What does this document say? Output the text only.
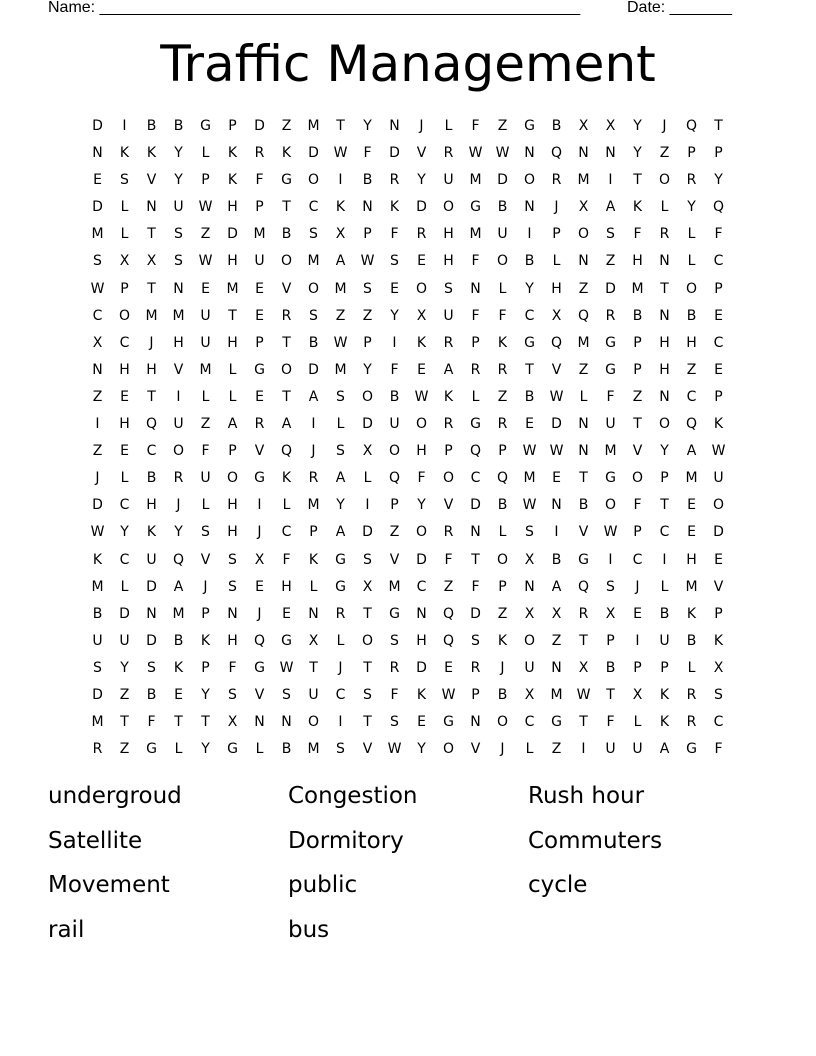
Name: ______________________________________________________	Date: _______
Traffic Management
D	I	B	B	G	P	D	Z	M	T	Y	N	J	L	F	Z	G	B	X	X	Y	J	Q	T
N	K	K	Y	L	K	R	K	D	W	F	D	V	R	W W	N	Q	N	N	Y	Z	P	P
E	S	V	Y	P	K	F	G	O	I	B	R	Y	U	M	D	O	R	M	I	T	O	R	Y
D	L	N	U	W	H	P	T	C	K	N	K	D	O	G	B	N	J	X	A	K	L	Y	Q
M	L	T	S	Z	D	M	B	S	X	P	F	R	H	M	U	I	P	O	S	F	R	L	F
S	X	X	S	W	H	U	O	M	A	W	S	E	H	F	O	B	L	N	Z	H	N	L	C
W	P	T	N	E	M	E	V	O	M	S	E	O	S	N	L	Y	H	Z	D	M	T	O	P
C	O	M	M	U	T	E	R	S	Z	Z	Y	X	U	F	F	C	X	Q	R	B	N	B	E
X	C	J	H	U	H	P	T	B	W	P	I	K	R	P	K	G	Q	M	G	P	H	H	C
N	H	H	V	M	L	G	O	D	M	Y	F	E	A	R	R	T	V	Z	G	P	H	Z	E
Z	E	T	I	L	L	E	T	A	S	O	B	W	K	L	Z	B	W	L	F	Z	N	C	P
I	H	Q	U	Z	A	R	A	I	L	D	U	O	R	G	R	E	D	N	U	T	O	Q	K
Z	E	C	O	F	P	V	Q	J	S	X	O	H	P	Q	P	W W	N	M	V	Y	A	W
J	L	B	R	U	O	G	K	R	A	L	Q	F	O	C	Q	M	E	T	G	O	P	M	U
D	C	H	J	L	H	I	L	M	Y	I	P	Y	V	D	B	W	N	B	O	F	T	E	O
W	Y	K	Y	S	H	J	C	P	A	D	Z	O	R	N	L	S	I	V	W	P	C	E	D
K	C	U	Q	V	S	X	F	K	G	S	V	D	F	T	O	X	B	G	I	C	I	H	E
M	L	D	A	J	S	E	H	L	G	X	M	C	Z	F	P	N	A	Q	S	J	L	M	V
B	D	N	M	P	N	J	E	N	R	T	G	N	Q	D	Z	X	X	R	X	E	B	K	P
U	U	D	B	K	H	Q	G	X	L	O	S	H	Q	S	K	O	Z	T	P	I	U	B	K
S	Y	S	K	P	F	G	W	T	J	T	R	D	E	R	J	U	N	X	B	P	P	L	X
D	Z	B	E	Y	S	V	S	U	C	S	F	K	W	P	B	X	M	W	T	X	K	R	S
M	T	F	T	T	X	N	N	O	I	T	S	E	G	N	O	C	G	T	F	L	K	R	C
R	Z	G	L	Y	G	L	B	M	S	V	W	Y	O	V	J	L	Z	I	U	U	A	G	F
undergroud	Congestion	Rush hour
Satellite	Dormitory	Commuters
Movement	public	cycle
rail	bus
